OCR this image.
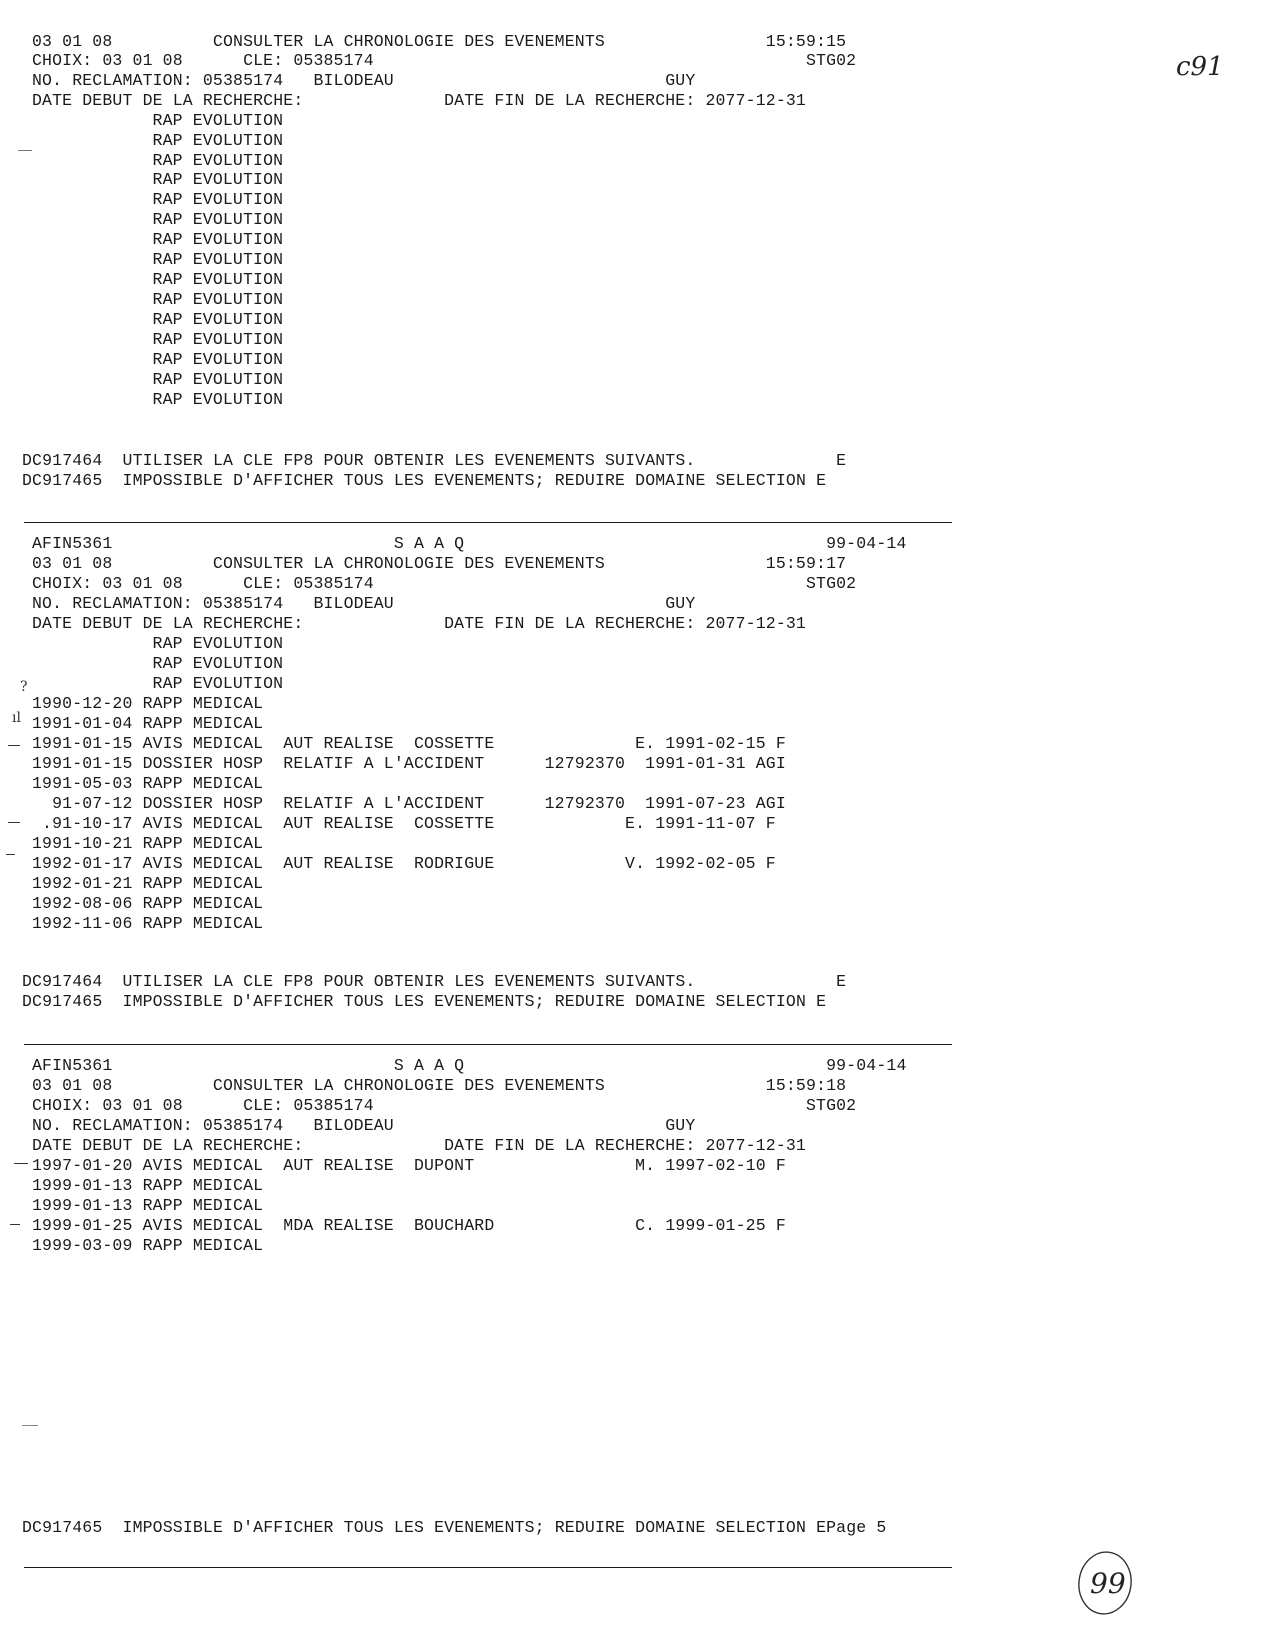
c91
03 01 08          CONSULTER LA CHRONOLOGIE DES EVENEMENTS                15:59:15
CHOIX: 03 01 08      CLE: 05385174                                           STG02
NO. RECLAMATION: 05385174   BILODEAU                           GUY
DATE DEBUT DE LA RECHERCHE:              DATE FIN DE LA RECHERCHE: 2077-12-31
RAP EVOLUTION
RAP EVOLUTION
RAP EVOLUTION
RAP EVOLUTION
RAP EVOLUTION
RAP EVOLUTION
RAP EVOLUTION
RAP EVOLUTION
RAP EVOLUTION
RAP EVOLUTION
RAP EVOLUTION
RAP EVOLUTION
RAP EVOLUTION
RAP EVOLUTION
RAP EVOLUTION
DC917464  UTILISER LA CLE FP8 POUR OBTENIR LES EVENEMENTS SUIVANTS.              E
DC917465  IMPOSSIBLE D'AFFICHER TOUS LES EVENEMENTS; REDUIRE DOMAINE SELECTION E
AFIN5361                            S A A Q                                    99-04-14
03 01 08          CONSULTER LA CHRONOLOGIE DES EVENEMENTS                15:59:17
CHOIX: 03 01 08      CLE: 05385174                                           STG02
NO. RECLAMATION: 05385174   BILODEAU                           GUY
DATE DEBUT DE LA RECHERCHE:              DATE FIN DE LA RECHERCHE: 2077-12-31
RAP EVOLUTION
RAP EVOLUTION
RAP EVOLUTION
1990-12-20 RAPP MEDICAL
1991-01-04 RAPP MEDICAL
1991-01-15 AVIS MEDICAL  AUT REALISE  COSSETTE              E. 1991-02-15 F
1991-01-15 DOSSIER HOSP  RELATIF A L'ACCIDENT      12792370  1991-01-31 AGI
1991-05-03 RAPP MEDICAL
91-07-12 DOSSIER HOSP  RELATIF A L'ACCIDENT      12792370  1991-07-23 AGI
.91-10-17 AVIS MEDICAL  AUT REALISE  COSSETTE             E. 1991-11-07 F
1991-10-21 RAPP MEDICAL
1992-01-17 AVIS MEDICAL  AUT REALISE  RODRIGUE             V. 1992-02-05 F
1992-01-21 RAPP MEDICAL
1992-08-06 RAPP MEDICAL
1992-11-06 RAPP MEDICAL
DC917464  UTILISER LA CLE FP8 POUR OBTENIR LES EVENEMENTS SUIVANTS.              E
DC917465  IMPOSSIBLE D'AFFICHER TOUS LES EVENEMENTS; REDUIRE DOMAINE SELECTION E
?
ıl
AFIN5361                            S A A Q                                    99-04-14
03 01 08          CONSULTER LA CHRONOLOGIE DES EVENEMENTS                15:59:18
CHOIX: 03 01 08      CLE: 05385174                                           STG02
NO. RECLAMATION: 05385174   BILODEAU                           GUY
DATE DEBUT DE LA RECHERCHE:              DATE FIN DE LA RECHERCHE: 2077-12-31
1997-01-20 AVIS MEDICAL  AUT REALISE  DUPONT                M. 1997-02-10 F
1999-01-13 RAPP MEDICAL
1999-01-13 RAPP MEDICAL
1999-01-25 AVIS MEDICAL  MDA REALISE  BOUCHARD              C. 1999-01-25 F
1999-03-09 RAPP MEDICAL
DC917465  IMPOSSIBLE D'AFFICHER TOUS LES EVENEMENTS; REDUIRE DOMAINE SELECTION EPage 5
99
